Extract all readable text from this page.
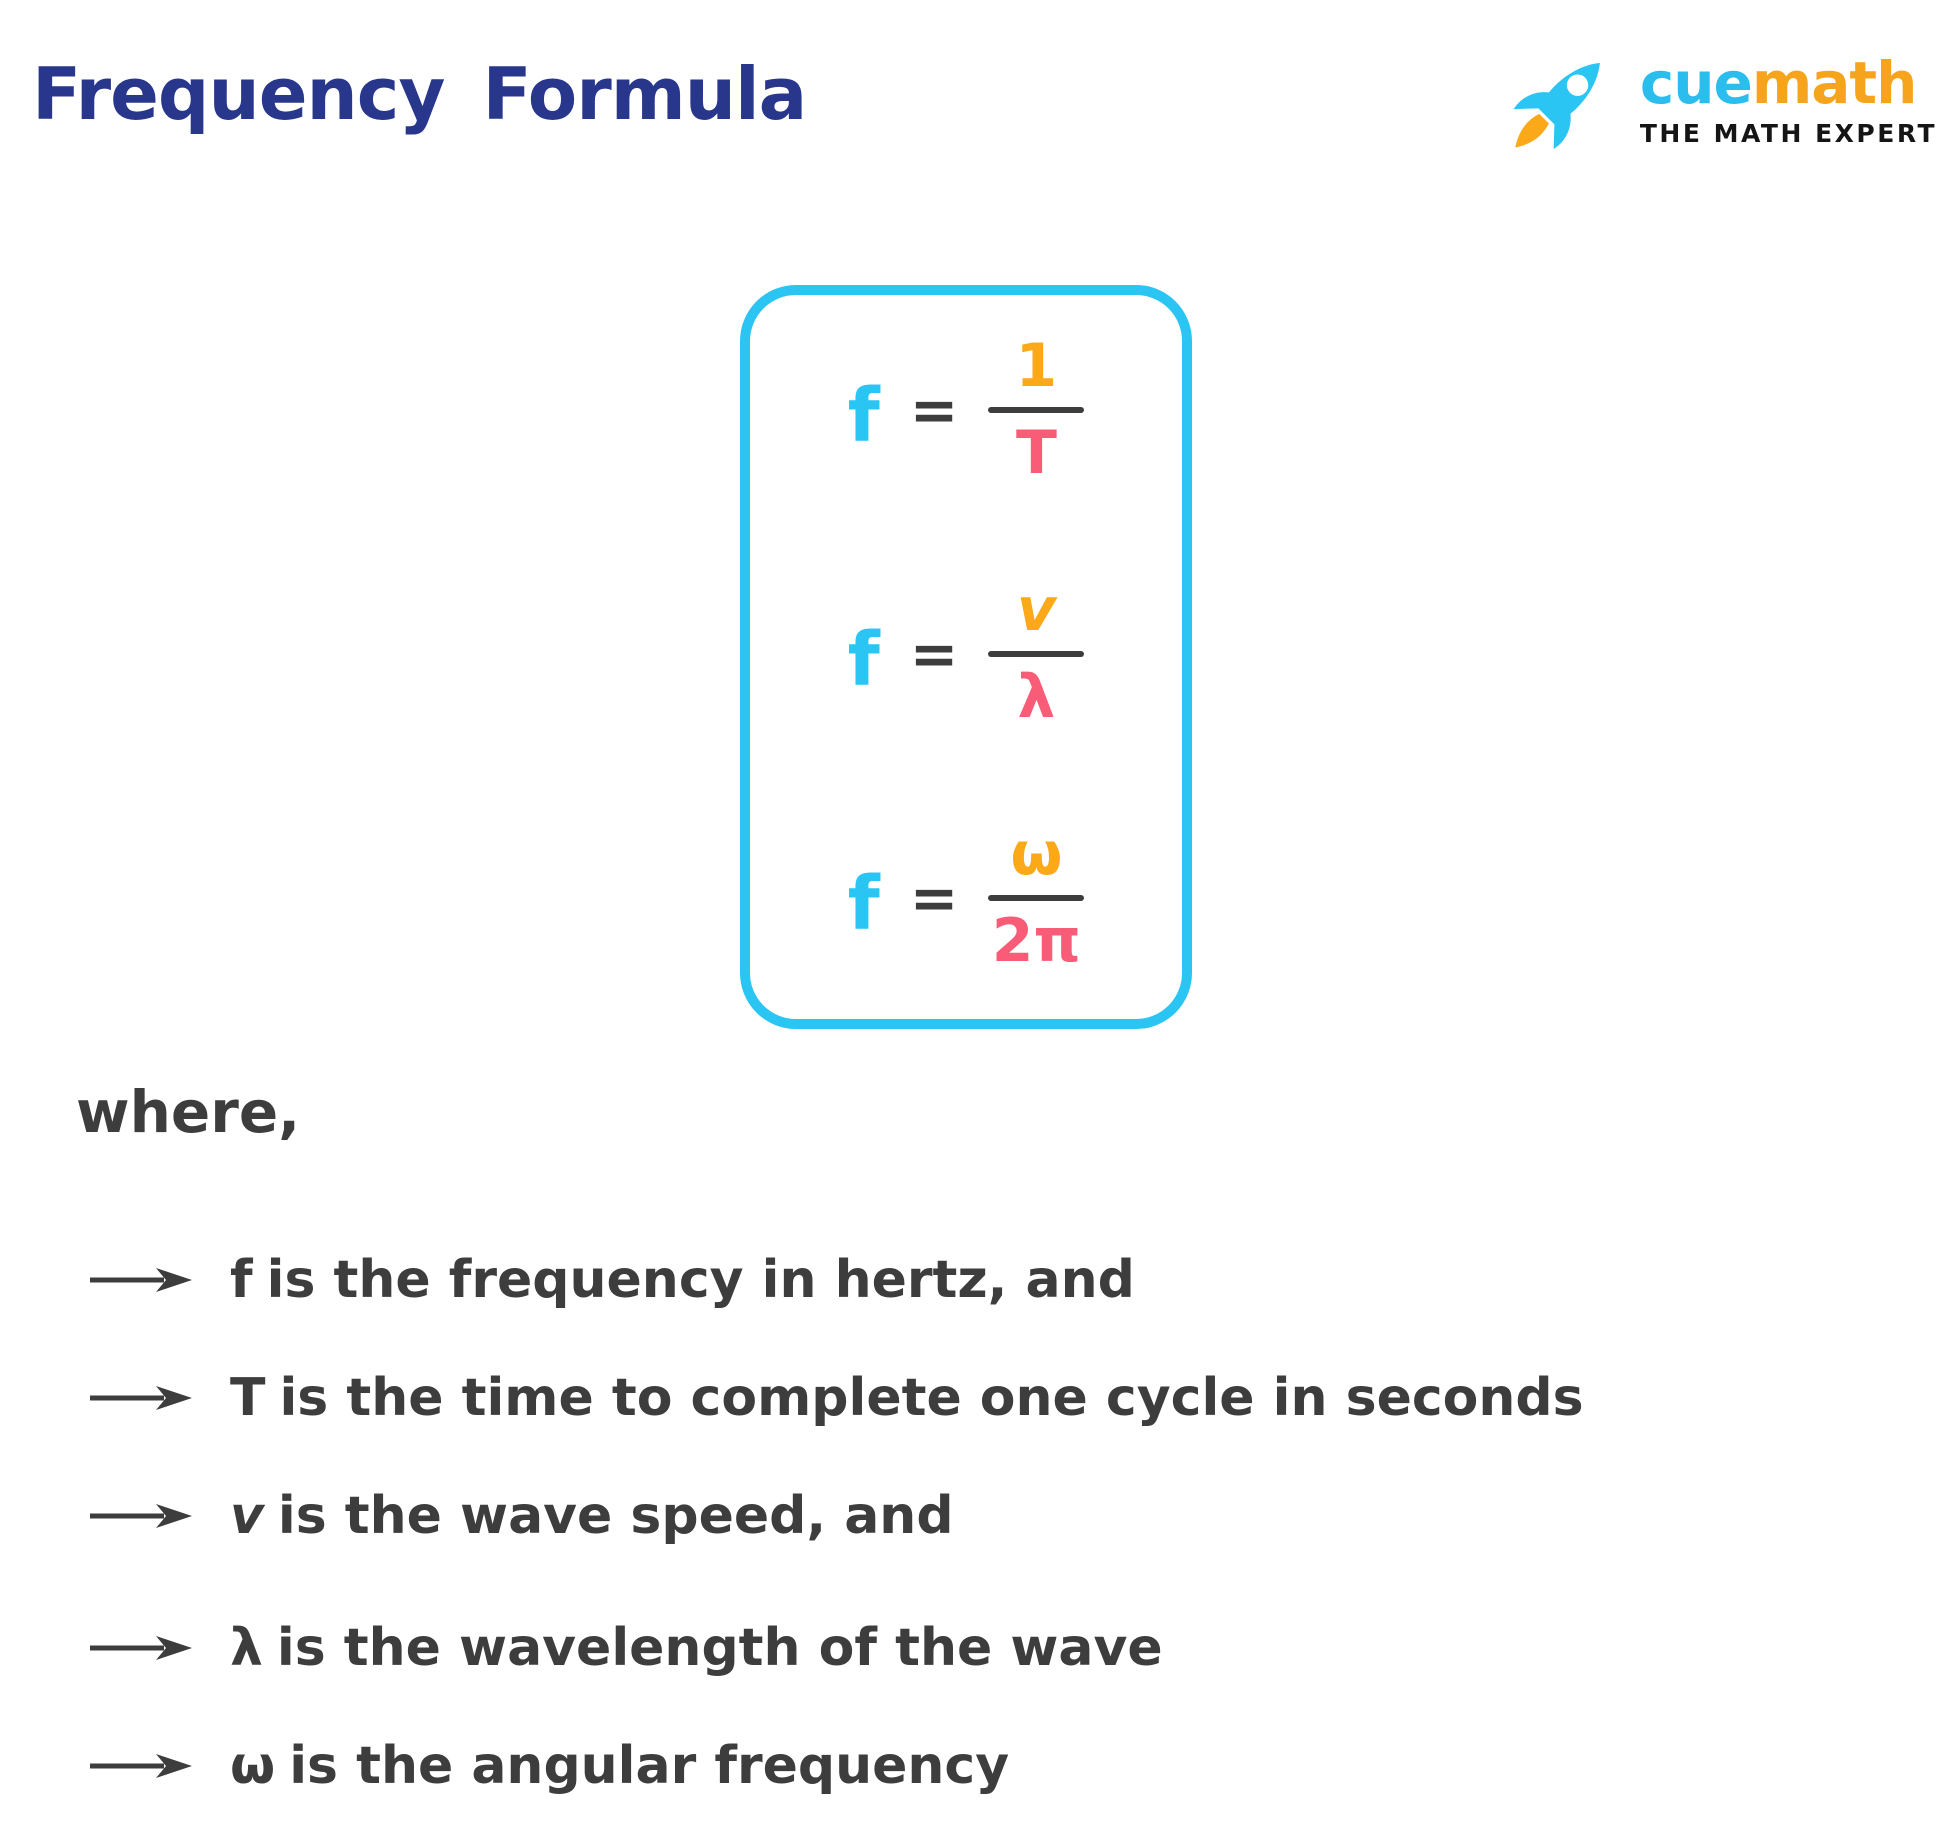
Frequency Formula	cuemath
THE MATH EXPERT
f =
1
T
f =
v
λ
f =
ω
2π
where,
f is the frequency in hertz, and
T is the time to complete one cycle in seconds
v is the wave speed, and
λ is the wavelength of the wave
ω is the angular frequency
